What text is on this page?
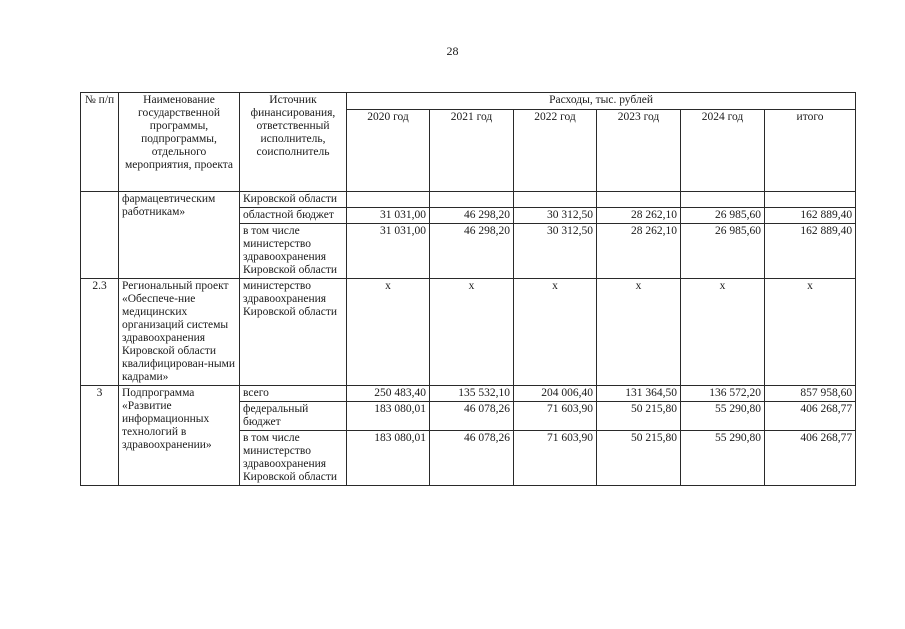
28
№ п/п	Наименование государственной программы, подпрограммы, отдельного мероприятия, проекта	Источник финансирования, ответственный исполнитель, соисполнитель	Расходы, тыс. рублей					
			2020 год	2021 год	2022 год	2023 год	2024 год	итого
	фармацевтическим работникам»	Кировской области						
		областной бюджет	31 031,00	46 298,20	30 312,50	28 262,10	26 985,60	162 889,40
		в том числе министерство здравоохранения Кировской области	31 031,00	46 298,20	30 312,50	28 262,10	26 985,60	162 889,40
2.3	Региональный проект «Обеспече-ние медицинских организаций системы здравоохранения Кировской области квалифицирован-ными кадрами»	министерство здравоохранения Кировской области	х	х	х	х	х	х
3	Подпрограмма «Развитие информационных технологий в здравоохранении»	всего	250 483,40	135 532,10	204 006,40	131 364,50	136 572,20	857 958,60
		федеральный бюджет	183 080,01	46 078,26	71 603,90	50 215,80	55 290,80	406 268,77
		в том числе министерство здравоохранения Кировской области	183 080,01	46 078,26	71 603,90	50 215,80	55 290,80	406 268,77
